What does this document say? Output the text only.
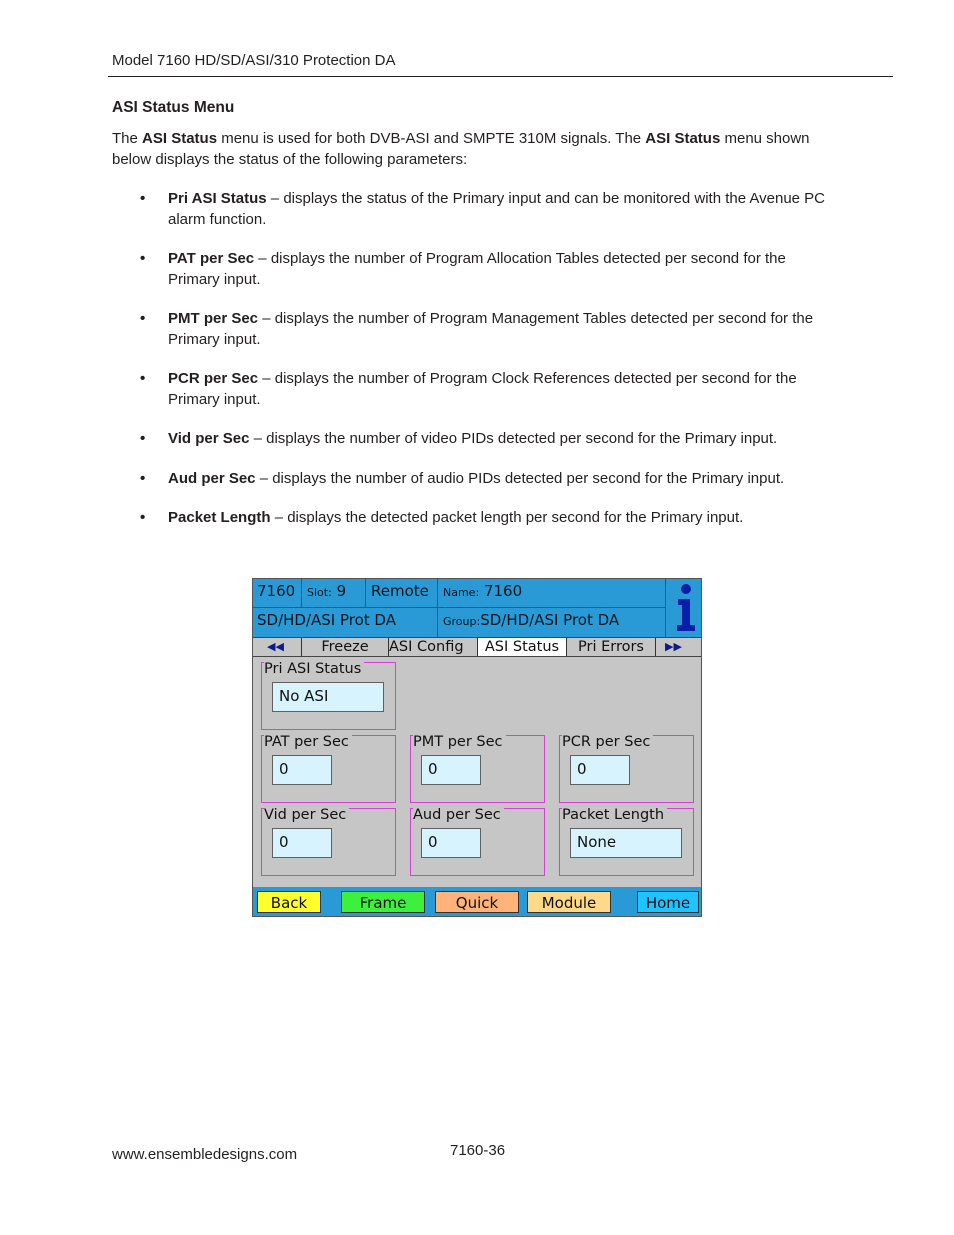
Model 7160 HD/SD/ASI/310 Protection DA
ASI Status Menu
The ASI Status menu is used for both DVB-ASI and SMPTE 310M signals. The ASI Status menu shown below displays the status of the following parameters:
• Pri ASI Status – displays the status of the Primary input and can be monitored with the Avenue PC alarm function.
• PAT per Sec – displays the number of Program Allocation Tables detected per second for the Primary input.
• PMT per Sec – displays the number of Program Management Tables detected per second for the Primary input.
• PCR per Sec – displays the number of Program Clock References detected per second for the Primary input.
• Vid per Sec – displays the number of video PIDs detected per second for the Primary input.
• Aud per Sec – displays the number of audio PIDs detected per second for the Primary input.
• Packet Length – displays the detected packet length per second for the Primary input.
7160 Slot: 9 Remote Name: 7160
SD/HD/ASI Prot DA	Group:SD/HD/ASI Prot DA
◀◀	Freeze	ASI Config	ASI Status	Pri Errors	▶▶
Pri ASI Status
No ASI
PAT per Sec
0
PMT per Sec
0
PCR per Sec
0
Vid per Sec
0
Aud per Sec
0
Packet Length
None
Back	Frame	Quick	Module	Home
www.ensembledesigns.com	7160-36
